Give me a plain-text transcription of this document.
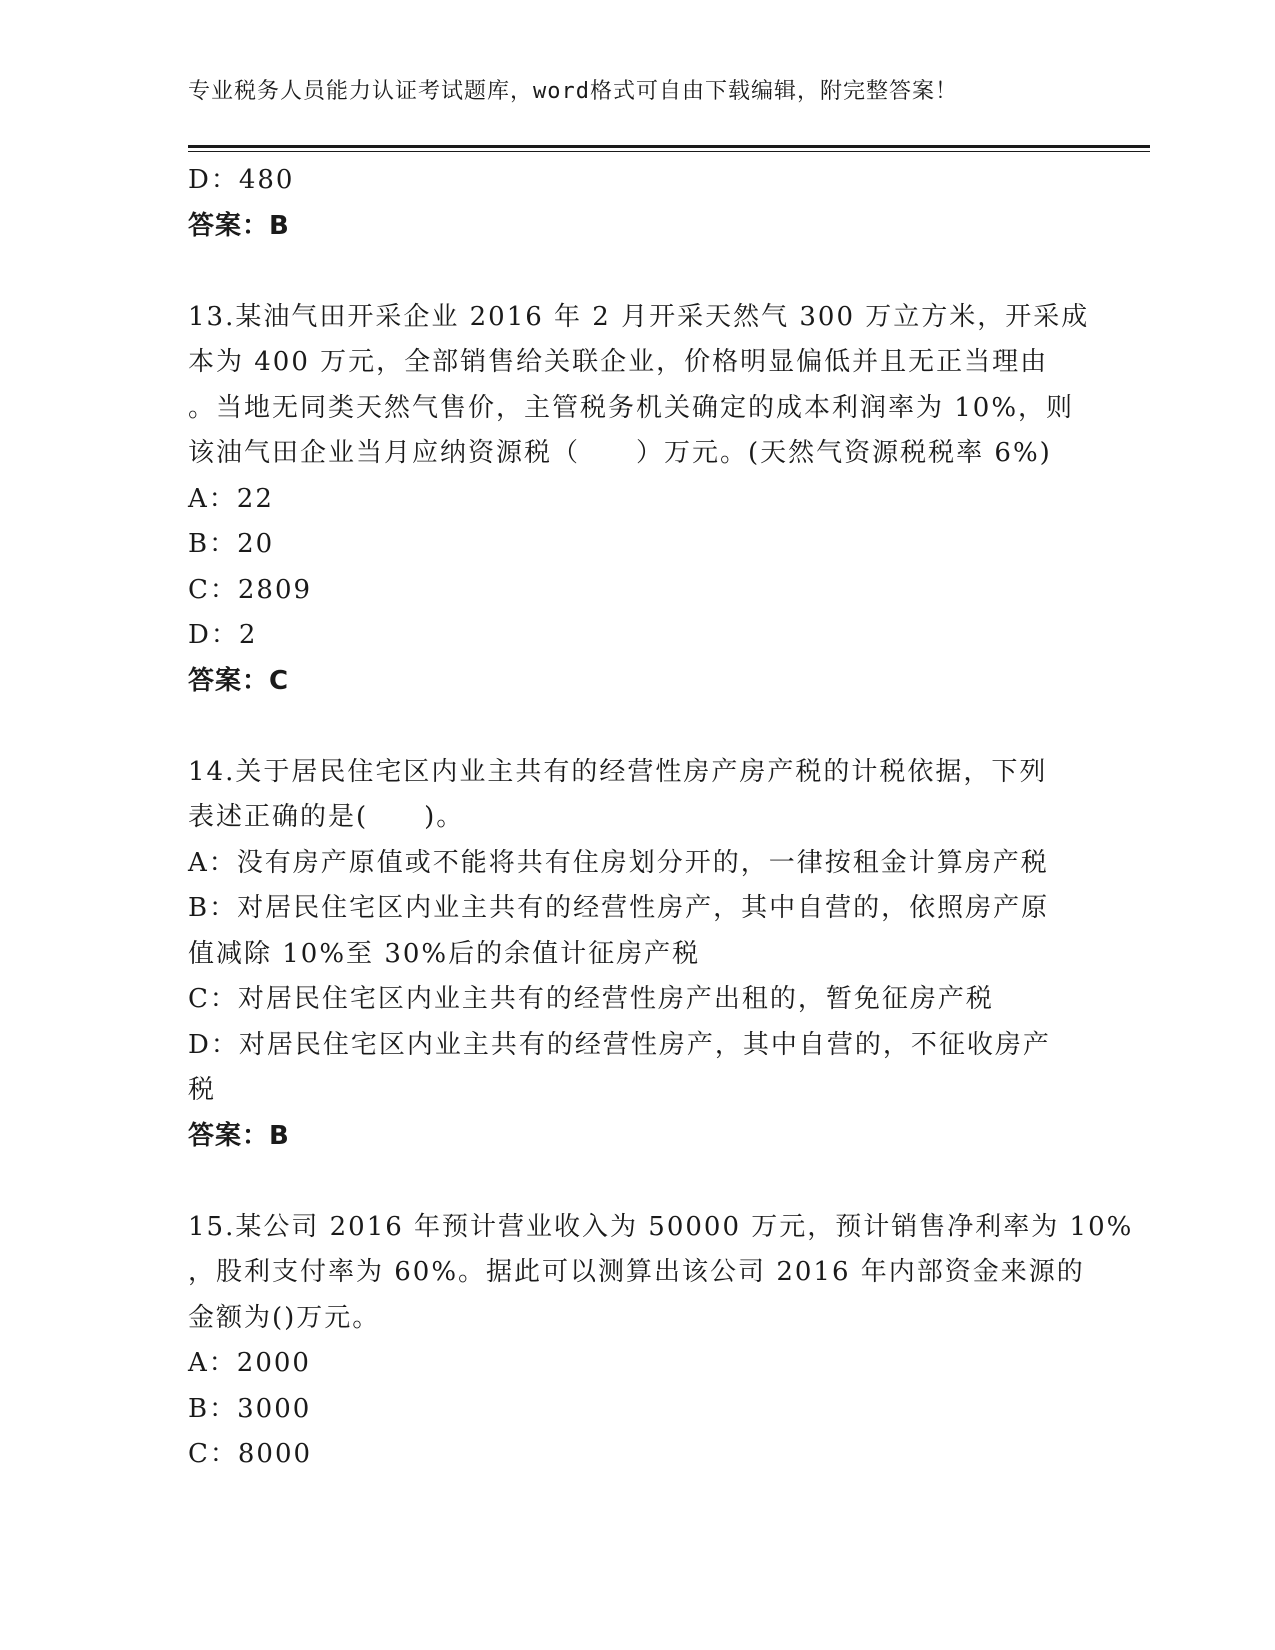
专业税务人员能力认证考试题库，word格式可自由下载编辑，附完整答案！
D：480
答案：B
13.某油气田开采企业 2016 年 2 月开采天然气 300 万立方米，开采成
本为 400 万元，全部销售给关联企业，价格明显偏低并且无正当理由
。当地无同类天然气售价，主管税务机关确定的成本利润率为 10%，则
该油气田企业当月应纳资源税（　　）万元。(天然气资源税税率 6%)
A：22
B：20
C：2809
D：2
答案：C
14.关于居民住宅区内业主共有的经营性房产房产税的计税依据，下列
表述正确的是(　　)。
A：没有房产原值或不能将共有住房划分开的，一律按租金计算房产税
B：对居民住宅区内业主共有的经营性房产，其中自营的，依照房产原
值减除 10%至 30%后的余值计征房产税
C：对居民住宅区内业主共有的经营性房产出租的，暂免征房产税
D：对居民住宅区内业主共有的经营性房产，其中自营的，不征收房产
税
答案：B
15.某公司 2016 年预计营业收入为 50000 万元，预计销售净利率为 10%
，股利支付率为 60%。据此可以测算出该公司 2016 年内部资金来源的
金额为()万元。
A：2000
B：3000
C：8000
